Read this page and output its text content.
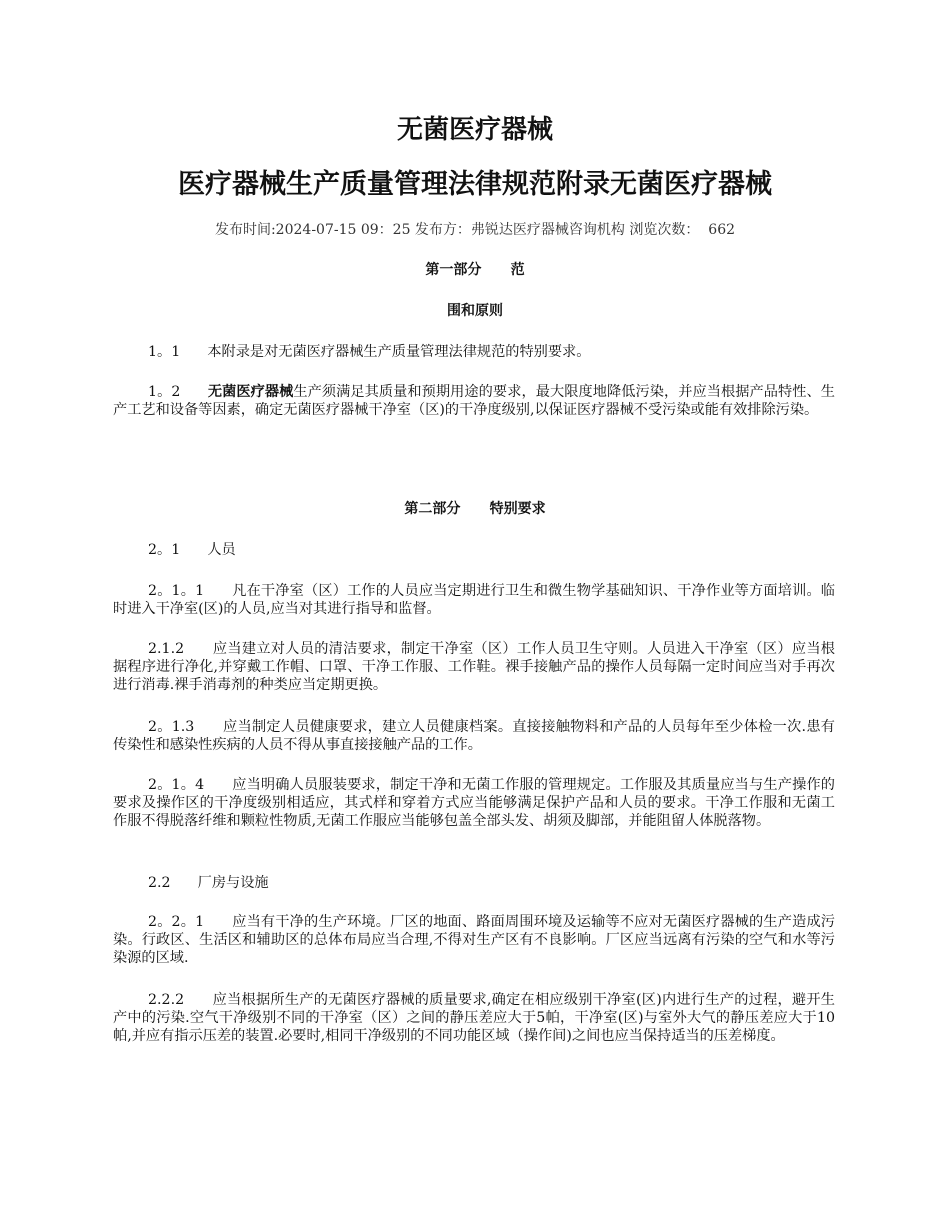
无菌医疗器械
医疗器械生产质量管理法律规范附录无菌医疗器械
发布时间:2024-07-15 09：25 发布方：弗锐达医疗器械咨询机构 浏览次数：  662
第一部分      范
围和原则
1。1 本附录是对无菌医疗器械生产质量管理法律规范的特别要求。
1。2 无菌医疗器械生产须满足其质量和预期用途的要求，最大限度地降低污染，并应当根据产品特性、生产工艺和设备等因素，确定无菌医疗器械干净室（区)的干净度级别,以保证医疗器械不受污染或能有效排除污染。
第二部分      特别要求
2。1 人员
2。1。1 凡在干净室（区）工作的人员应当定期进行卫生和微生物学基础知识、干净作业等方面培训。临时进入干净室(区)的人员,应当对其进行指导和监督。
2.1.2 应当建立对人员的清洁要求，制定干净室（区）工作人员卫生守则。人员进入干净室（区）应当根据程序进行净化,并穿戴工作帽、口罩、干净工作服、工作鞋。裸手接触产品的操作人员每隔一定时间应当对手再次进行消毒.裸手消毒剂的种类应当定期更换。
2。1.3 应当制定人员健康要求，建立人员健康档案。直接接触物料和产品的人员每年至少体检一次.患有传染性和感染性疾病的人员不得从事直接接触产品的工作。
2。1。4 应当明确人员服装要求，制定干净和无菌工作服的管理规定。工作服及其质量应当与生产操作的要求及操作区的干净度级别相适应，其式样和穿着方式应当能够满足保护产品和人员的要求。干净工作服和无菌工作服不得脱落纤维和颗粒性物质,无菌工作服应当能够包盖全部头发、胡须及脚部，并能阻留人体脱落物。
2.2 厂房与设施
2。2。1 应当有干净的生产环境。厂区的地面、路面周围环境及运输等不应对无菌医疗器械的生产造成污染。行政区、生活区和辅助区的总体布局应当合理,不得对生产区有不良影响。厂区应当远离有污染的空气和水等污染源的区域.
2.2.2 应当根据所生产的无菌医疗器械的质量要求,确定在相应级别干净室(区)内进行生产的过程，避开生产中的污染.空气干净级别不同的干净室（区）之间的静压差应大于5帕，干净室(区)与室外大气的静压差应大于10帕,并应有指示压差的装置.必要时,相同干净级别的不同功能区域（操作间)之间也应当保持适当的压差梯度。
